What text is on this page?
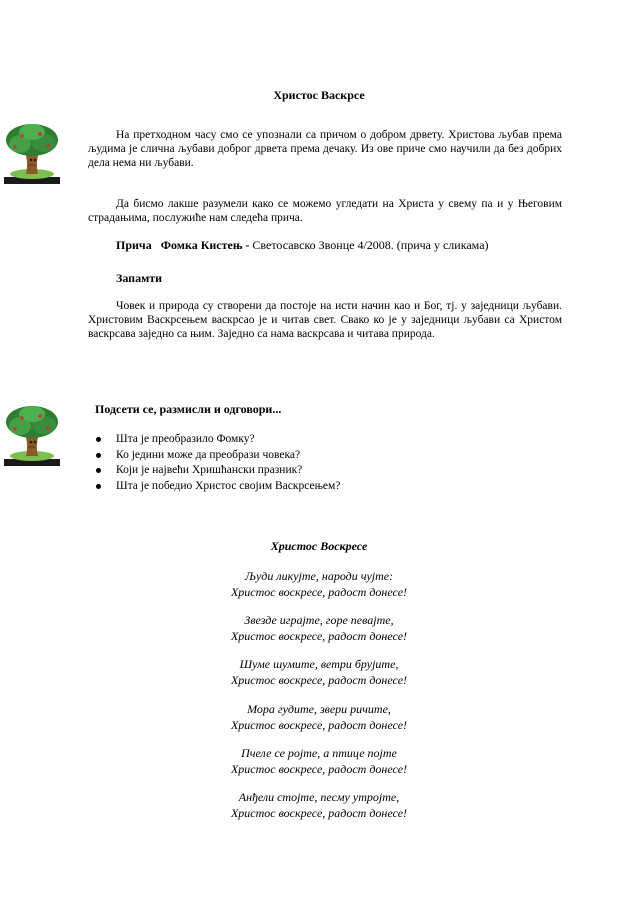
Христос Васкрсе
На претходном часу смо се упознали са причом о добром дрвету. Христова љубав према људима је слична љубави доброг дрвета према дечаку. Из ове приче смо научили да без добрих дела нема ни љубави.
Да бисмо лакше разумели како се можемо угледати на Христа у свему па и у Његовим страдањима, послужиће нам следећа прича.
Прича Фомка Кистењ - Светосавско Звонце 4/2008. (прича у сликама)
Запамти
Човек и природа су створени да постоје на исти начин као и Бог, тј. у заједници љубави. Христовим Васкрсењем васкрсао је и читав свет. Свако ко је у заједници љубави са Христом васкрсава заједно са њим. Заједно са нама васкрсава и читава природа.
Подсети се, размисли и одговори...
Шта је преобразило Фомку?
Ко једини може да преобрази човека?
Који је највећи Хришћански празник?
Шта је победио Христос својим Васкрсењем?
Христос Воскресе
Људи ликујте, народи чујте:
Христос воскресе, радост донесе!
Звезде играјте, горе певајте,
Христос воскресе, радост донесе!
Шуме шумите, ветри брујите,
Христос воскресе, радост донесе!
Мора гудите, звери ричите,
Христос воскресе, радост донесе!
Пчеле се ројте, а птице појте
Христос воскресе, радост донесе!
Анђели стојте, песму утројте,
Христос воскресе, радост донесе!
